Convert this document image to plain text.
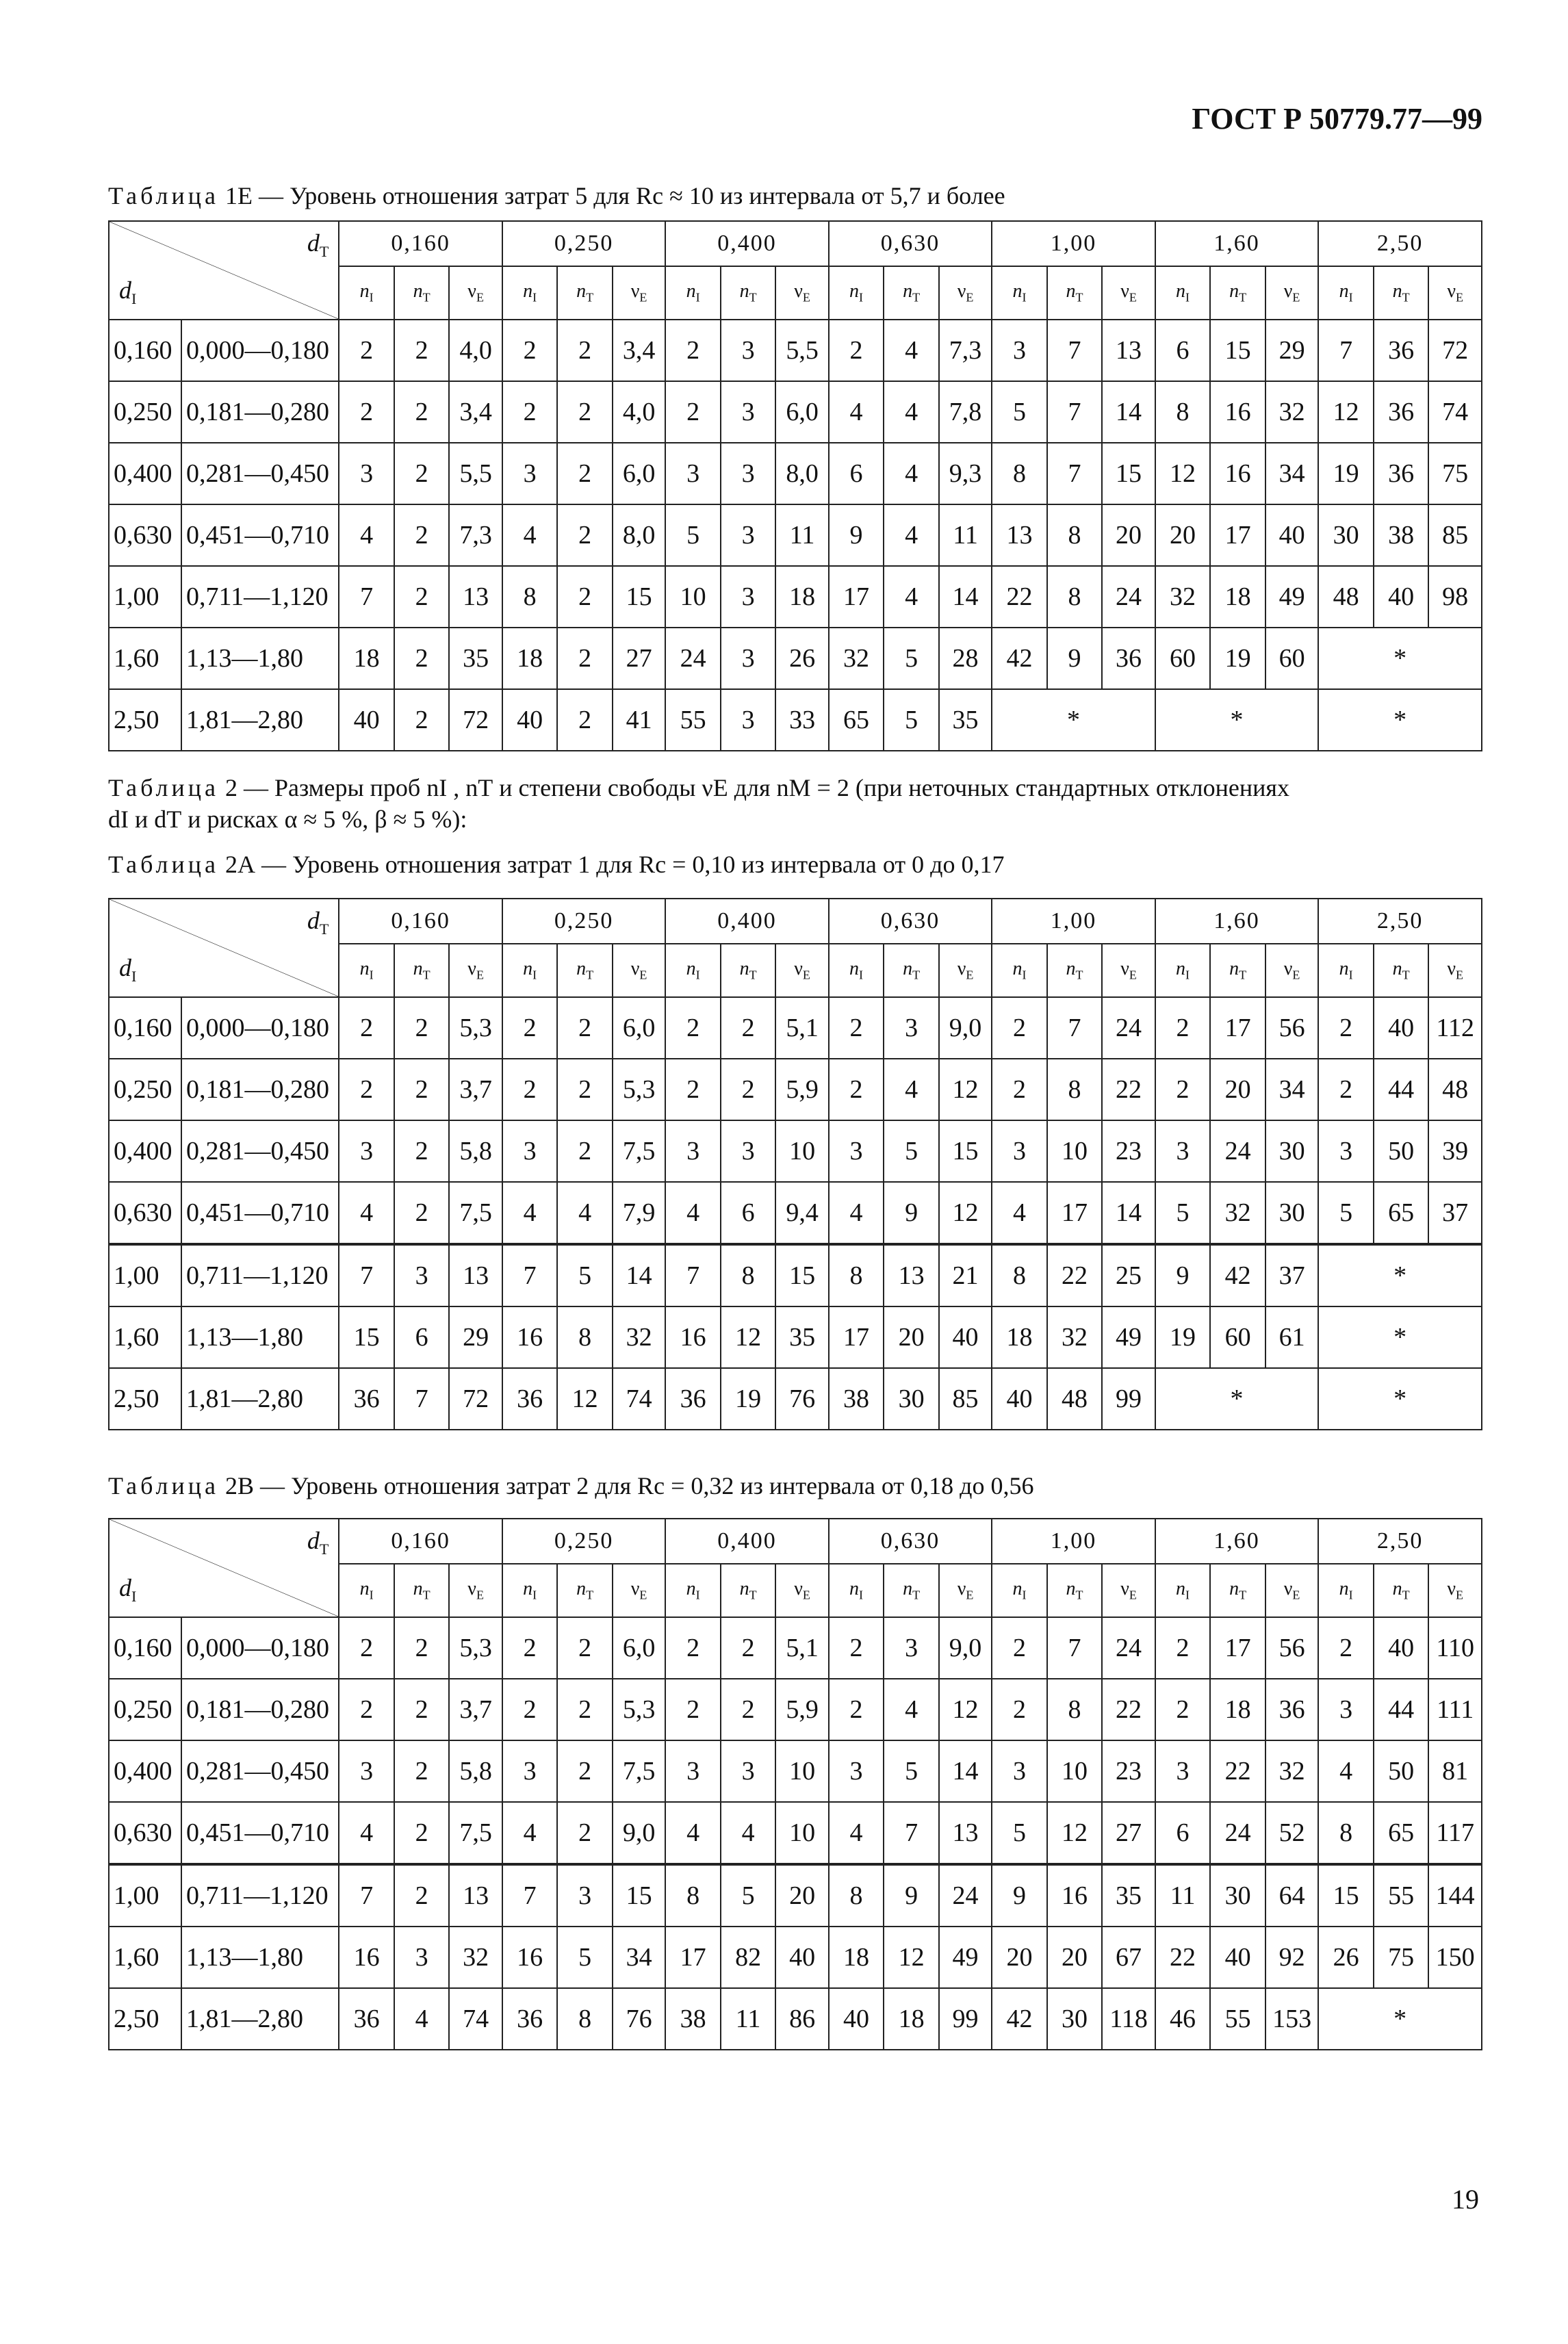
ГОСТ Р 50779.77—99
Таблица 1Е — Уровень отношения затрат 5 для Rс ≈ 10 из интервала от 5,7 и более
$d_Т$
$d_I$		0,160			0,250			0,400			0,630			1,00			1,60			2,50		
		$n_I$	$n_Т$	$\nu_Е$	$n_I$	$n_Т$	$\nu_Е$	$n_I$	$n_Т$	$\nu_Е$	$n_I$	$n_Т$	$\nu_Е$	$n_I$	$n_Т$	$\nu_Е$	$n_I$	$n_Т$	$\nu_Е$	$n_I$	$n_Т$	$\nu_Е$
0,160	0,000—0,180	2	2	4,0	2	2	3,4	2	3	5,5	2	4	7,3	3	7	13	6	15	29	7	36	72
0,250	0,181—0,280	2	2	3,4	2	2	4,0	2	3	6,0	4	4	7,8	5	7	14	8	16	32	12	36	74
0,400	0,281—0,450	3	2	5,5	3	2	6,0	3	3	8,0	6	4	9,3	8	7	15	12	16	34	19	36	75
0,630	0,451—0,710	4	2	7,3	4	2	8,0	5	3	11	9	4	11	13	8	20	20	17	40	30	38	85
1,00	0,711—1,120	7	2	13	8	2	15	10	3	18	17	4	14	22	8	24	32	18	49	48	40	98
1,60	1,13—1,80	18	2	35	18	2	27	24	3	26	32	5	28	42	9	36	60	19	60	*		
2,50	1,81—2,80	40	2	72	40	2	41	55	3	33	65	5	35	*			*			*		
Таблица 2 — Размеры проб nΙ , nТ и степени свободы νЕ для nМ = 2 (при неточных стандартных отклонениях
dΙ и dТ и рисках α ≈ 5 %, β ≈ 5 %):
Таблица 2А — Уровень отношения затрат 1 для Rс = 0,10 из интервала от 0 до 0,17
$d_Т$
$d_I$		0,160			0,250			0,400			0,630			1,00			1,60			2,50		
		$n_I$	$n_Т$	$\nu_Е$	$n_I$	$n_Т$	$\nu_Е$	$n_I$	$n_Т$	$\nu_Е$	$n_I$	$n_Т$	$\nu_Е$	$n_I$	$n_Т$	$\nu_Е$	$n_I$	$n_Т$	$\nu_Е$	$n_I$	$n_Т$	$\nu_Е$
0,160	0,000—0,180	2	2	5,3	2	2	6,0	2	2	5,1	2	3	9,0	2	7	24	2	17	56	2	40	112
0,250	0,181—0,280	2	2	3,7	2	2	5,3	2	2	5,9	2	4	12	2	8	22	2	20	34	2	44	48
0,400	0,281—0,450	3	2	5,8	3	2	7,5	3	3	10	3	5	15	3	10	23	3	24	30	3	50	39
0,630	0,451—0,710	4	2	7,5	4	4	7,9	4	6	9,4	4	9	12	4	17	14	5	32	30	5	65	37
1,00	0,711—1,120	7	3	13	7	5	14	7	8	15	8	13	21	8	22	25	9	42	37	*		
1,60	1,13—1,80	15	6	29	16	8	32	16	12	35	17	20	40	18	32	49	19	60	61	*		
2,50	1,81—2,80	36	7	72	36	12	74	36	19	76	38	30	85	40	48	99	*			*		
Таблица 2В — Уровень отношения затрат 2 для Rс = 0,32 из интервала от 0,18 до 0,56
$d_Т$
$d_I$		0,160			0,250			0,400			0,630			1,00			1,60			2,50		
		$n_I$	$n_Т$	$\nu_Е$	$n_I$	$n_Т$	$\nu_Е$	$n_I$	$n_Т$	$\nu_Е$	$n_I$	$n_Т$	$\nu_Е$	$n_I$	$n_Т$	$\nu_Е$	$n_I$	$n_Т$	$\nu_Е$	$n_I$	$n_Т$	$\nu_Е$
0,160	0,000—0,180	2	2	5,3	2	2	6,0	2	2	5,1	2	3	9,0	2	7	24	2	17	56	2	40	110
0,250	0,181—0,280	2	2	3,7	2	2	5,3	2	2	5,9	2	4	12	2	8	22	2	18	36	3	44	111
0,400	0,281—0,450	3	2	5,8	3	2	7,5	3	3	10	3	5	14	3	10	23	3	22	32	4	50	81
0,630	0,451—0,710	4	2	7,5	4	2	9,0	4	4	10	4	7	13	5	12	27	6	24	52	8	65	117
1,00	0,711—1,120	7	2	13	7	3	15	8	5	20	8	9	24	9	16	35	11	30	64	15	55	144
1,60	1,13—1,80	16	3	32	16	5	34	17	82	40	18	12	49	20	20	67	22	40	92	26	75	150
2,50	1,81—2,80	36	4	74	36	8	76	38	11	86	40	18	99	42	30	118	46	55	153	*		
19
